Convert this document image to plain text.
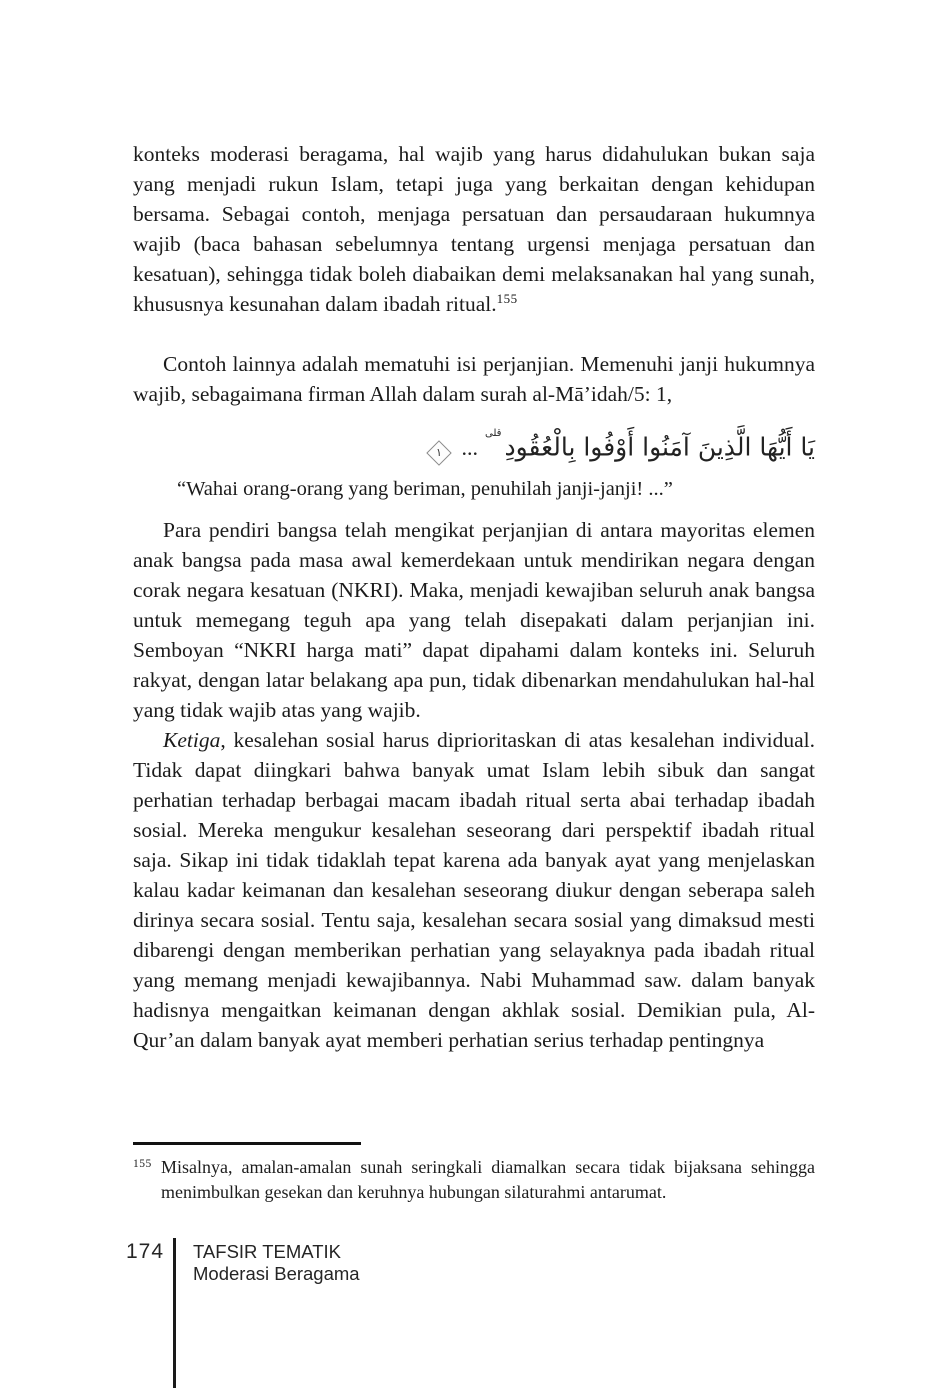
konteks moderasi beragama, hal wajib yang harus didahulukan bukan saja yang menjadi rukun Islam, tetapi juga yang berkaitan dengan kehidupan bersama. Sebagai contoh, menjaga persatuan dan persaudaraan hukumnya wajib (baca bahasan sebelumnya tentang urgensi menjaga persatuan dan kesatuan), sehingga tidak boleh diabaikan demi melaksanakan hal yang sunah, khususnya kesunahan dalam ibadah ritual.$^{155}$

Contoh lainnya adalah mematuhi isi perjanjian. Memenuhi janji hukumnya wajib, sebagaimana firman Allah dalam surah al-Mā’idah/5: 1,

يَا أَيُّهَا الَّذِينَ آمَنُوا أَوْفُوا بِالْعُقُودِ$^{قلى}$...
١

“Wahai orang-orang yang beriman, penuhilah janji-janji! ...”

Para pendiri bangsa telah mengikat perjanjian di antara mayoritas elemen anak bangsa pada masa awal kemerdekaan untuk mendirikan negara dengan corak negara kesatuan (NKRI). Maka, menjadi kewajiban seluruh anak bangsa untuk memegang teguh apa yang telah disepakati dalam perjanjian ini. Semboyan “NKRI harga mati” dapat dipahami dalam konteks ini. Seluruh rakyat, dengan latar belakang apa pun, tidak dibenarkan mendahulukan hal-hal yang tidak wajib atas yang wajib.

Ketiga, kesalehan sosial harus diprioritaskan di atas kesalehan individual. Tidak dapat diingkari bahwa banyak umat Islam lebih sibuk dan sangat perhatian terhadap berbagai macam ibadah ritual serta abai terhadap ibadah sosial. Mereka mengukur kesalehan seseorang dari perspektif ibadah ritual saja. Sikap ini tidak tidaklah tepat karena ada banyak ayat yang menjelaskan kalau kadar keimanan dan kesalehan seseorang diukur dengan seberapa saleh dirinya secara sosial. Tentu saja, kesalehan secara sosial yang dimaksud mesti dibarengi dengan memberikan perhatian yang selayaknya pada ibadah ritual yang memang menjadi kewajibannya. Nabi Muhammad saw. dalam banyak hadisnya mengaitkan keimanan dengan akhlak sosial. Demikian pula, Al-Qur’an dalam banyak ayat memberi perhatian serius terhadap pentingnya

155 Misalnya, amalan-amalan sunah seringkali diamalkan secara tidak bijaksana sehingga menimbulkan gesekan dan keruhnya hubungan silaturahmi antarumat.
174 TAFSIR TEMATIK
Moderasi Beragama
